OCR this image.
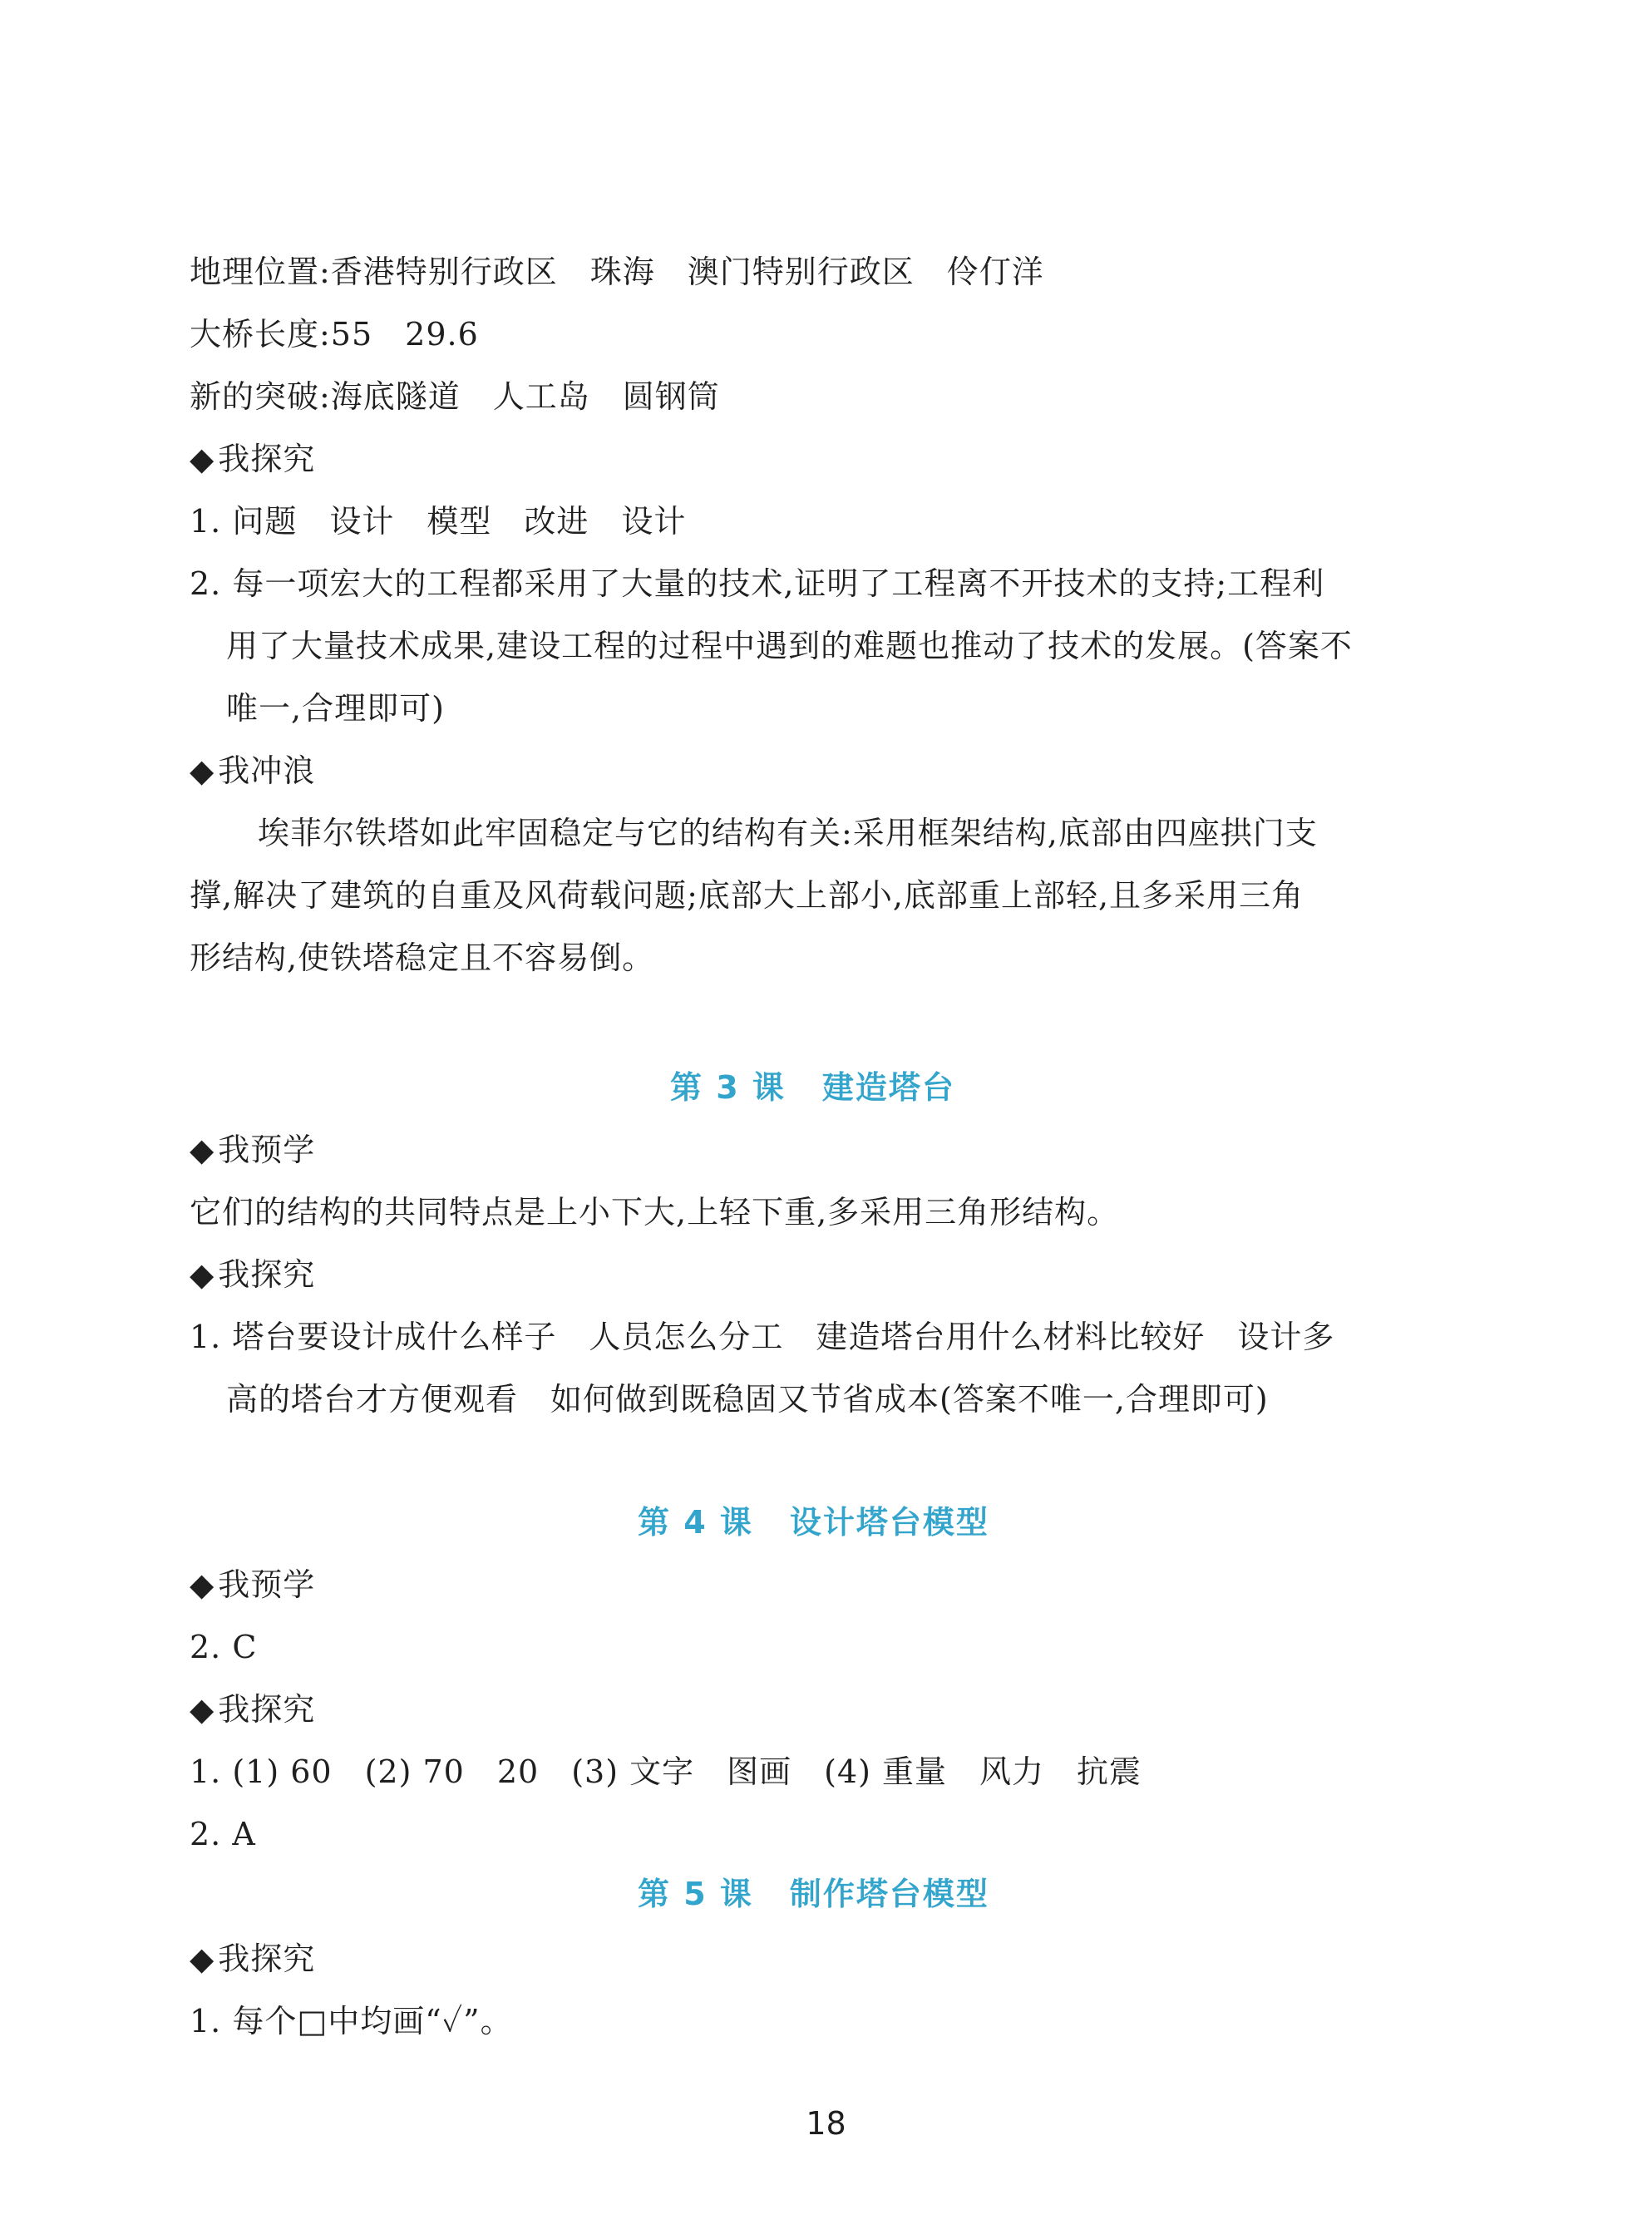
地理位置:香港特别行政区　珠海　澳门特别行政区　伶仃洋
大桥长度:55　29.6
新的突破:海底隧道　人工岛　圆钢筒
◆ 我探究
1. 问题　设计　模型　改进　设计
2. 每一项宏大的工程都采用了大量的技术,证明了工程离不开技术的支持;工程利
用了大量技术成果,建设工程的过程中遇到的难题也推动了技术的发展。(答案不
唯一,合理即可)
◆ 我冲浪
埃菲尔铁塔如此牢固稳定与它的结构有关:采用框架结构,底部由四座拱门支
撑,解决了建筑的自重及风荷载问题;底部大上部小,底部重上部轻,且多采用三角
形结构,使铁塔稳定且不容易倒。
第 3 课 建造塔台
◆ 我预学
它们的结构的共同特点是上小下大,上轻下重,多采用三角形结构。
◆ 我探究
1. 塔台要设计成什么样子　人员怎么分工　建造塔台用什么材料比较好　设计多
高的塔台才方便观看　如何做到既稳固又节省成本(答案不唯一,合理即可)
第 4 课 设计塔台模型
◆ 我预学
2. C
◆ 我探究
1. (1) 60　(2) 70　20　(3) 文字　图画　(4) 重量　风力　抗震
2. A
第 5 课 制作塔台模型
◆ 我探究
1. 每个□中均画“✓”。
18
